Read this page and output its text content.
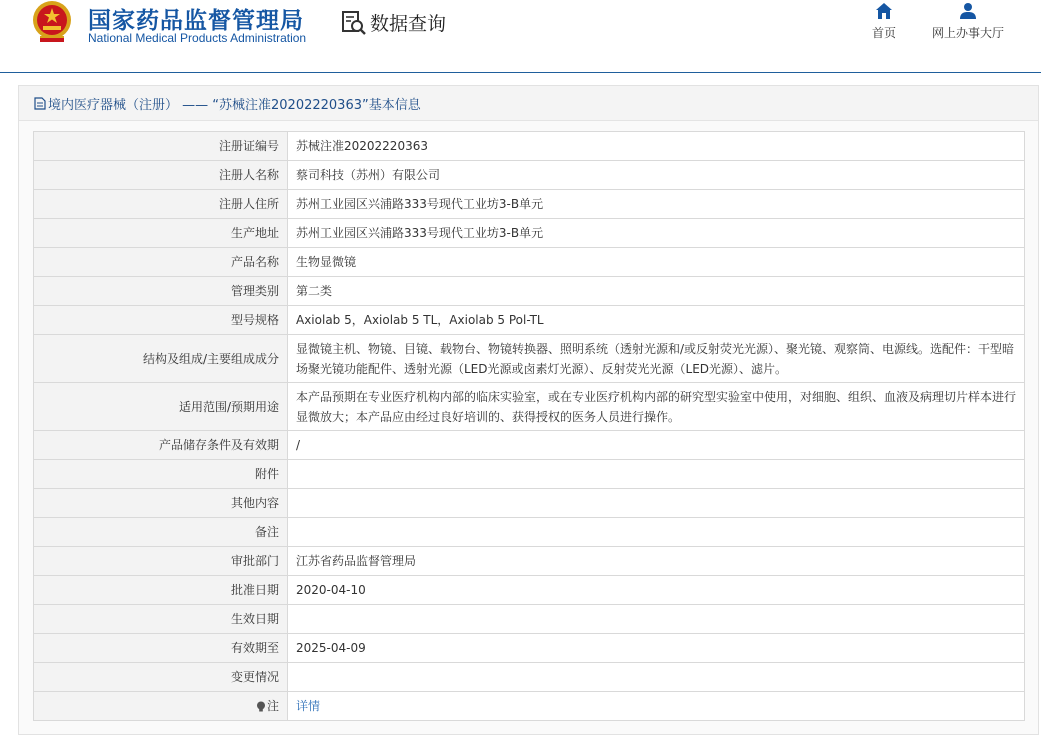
国家药品监督管理局
National Medical Products Administration
数据查询	首页	网上办事大厅
境内医疗器械（注册） —— “苏械注准20202220363”基本信息
注册证编号	苏械注准20202220363
注册人名称	蔡司科技（苏州）有限公司
注册人住所	苏州工业园区兴浦路333号现代工业坊3-B单元
生产地址	苏州工业园区兴浦路333号现代工业坊3-B单元
产品名称	生物显微镜
管理类别	第二类
型号规格	Axiolab 5，Axiolab 5 TL，Axiolab 5 Pol-TL
结构及组成/主要组成成分	显微镜主机、物镜、目镜、载物台、物镜转换器、照明系统（透射光源和/或反射荧光光源）、聚光镜、观察筒、电源线。选配件：干型暗场聚光镜功能配件、透射光源（LED光源或卤素灯光源）、反射荧光光源（LED光源）、滤片。
适用范围/预期用途	本产品预期在专业医疗机构内部的临床实验室，或在专业医疗机构内部的研究型实验室中使用，对细胞、组织、血液及病理切片样本进行显微放大；本产品应由经过良好培训的、获得授权的医务人员进行操作。
产品储存条件及有效期	/
附件	
其他内容	
备注	
审批部门	江苏省药品监督管理局
批准日期	2020-04-10
生效日期	
有效期至	2025-04-09
变更情况	
注	详情
